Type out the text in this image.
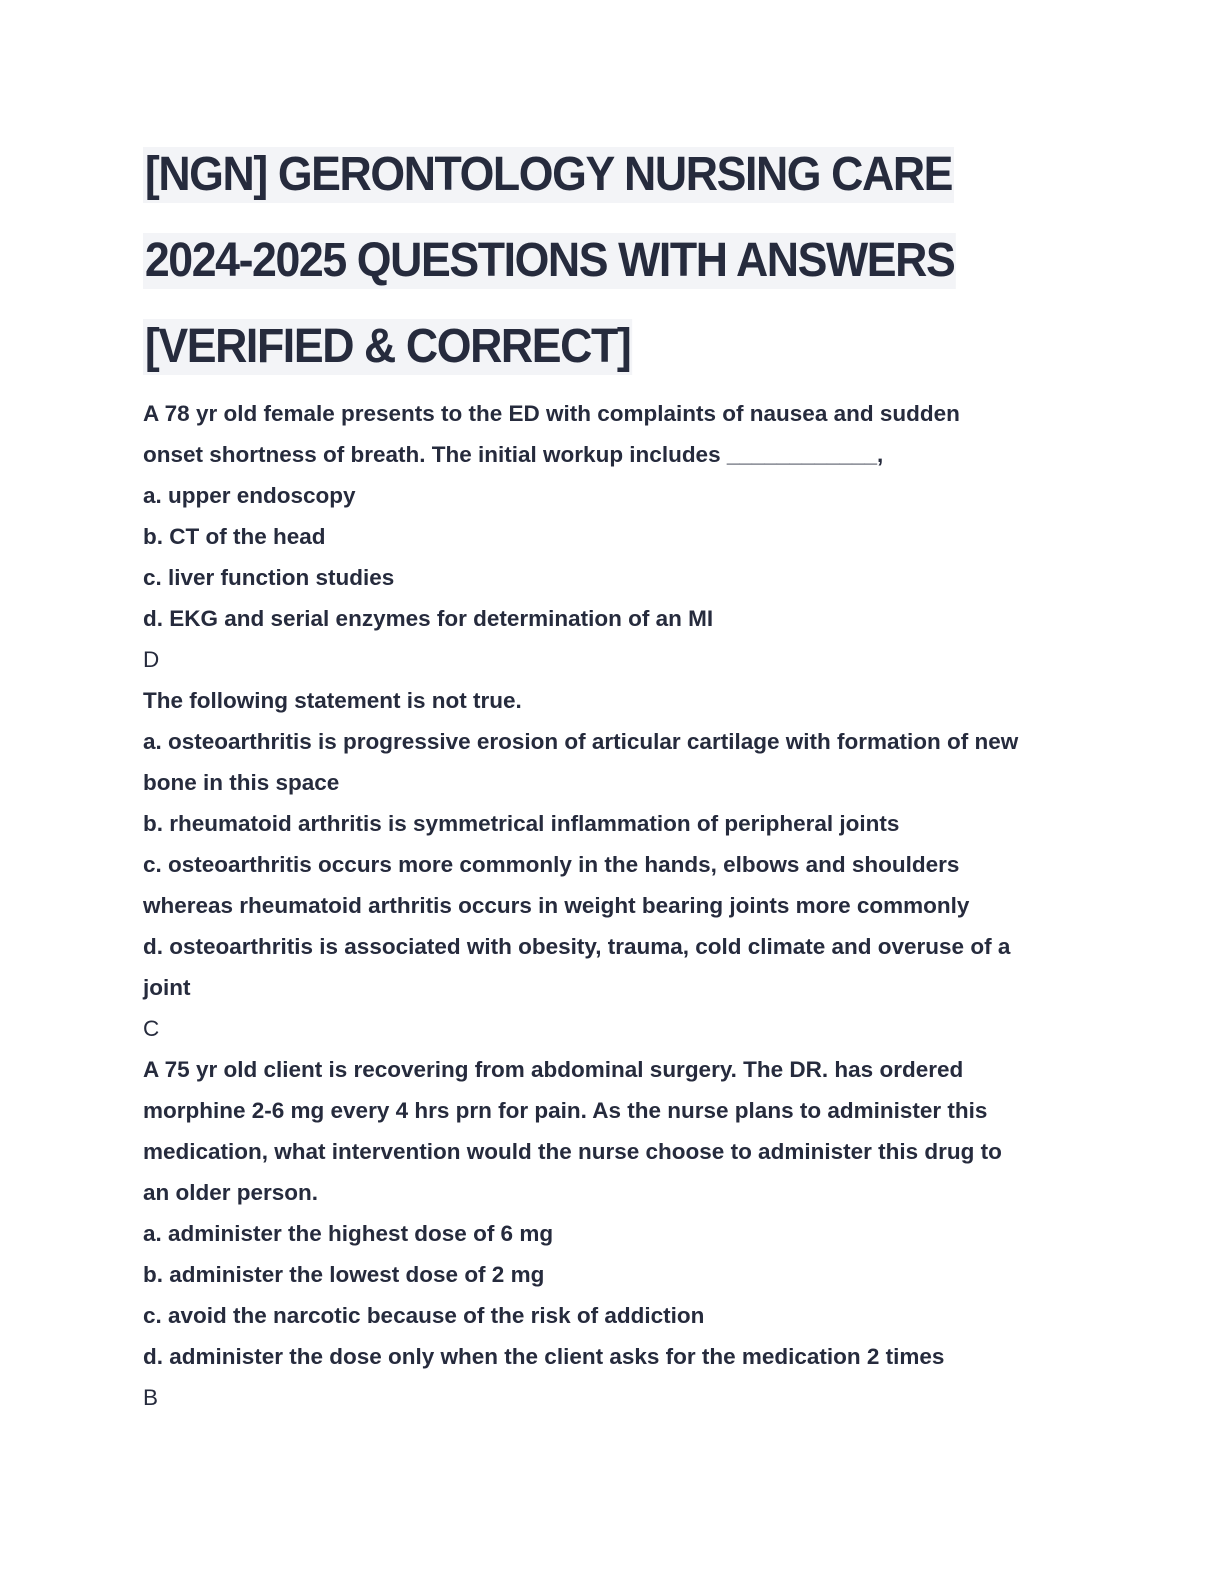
[NGN] GERONTOLOGY NURSING CARE
2024-2025 QUESTIONS WITH ANSWERS
[VERIFIED & CORRECT]
A 78 yr old female presents to the ED with complaints of nausea and sudden
onset shortness of breath. The initial workup includes ____________,
a. upper endoscopy
b. CT of the head
c. liver function studies
d. EKG and serial enzymes for determination of an MI
D
The following statement is not true.
a. osteoarthritis is progressive erosion of articular cartilage with formation of new
bone in this space
b. rheumatoid arthritis is symmetrical inflammation of peripheral joints
c. osteoarthritis occurs more commonly in the hands, elbows and shoulders
whereas rheumatoid arthritis occurs in weight bearing joints more commonly
d. osteoarthritis is associated with obesity, trauma, cold climate and overuse of a
joint
C
A 75 yr old client is recovering from abdominal surgery. The DR. has ordered
morphine 2-6 mg every 4 hrs prn for pain. As the nurse plans to administer this
medication, what intervention would the nurse choose to administer this drug to
an older person.
a. administer the highest dose of 6 mg
b. administer the lowest dose of 2 mg
c. avoid the narcotic because of the risk of addiction
d. administer the dose only when the client asks for the medication 2 times
B
